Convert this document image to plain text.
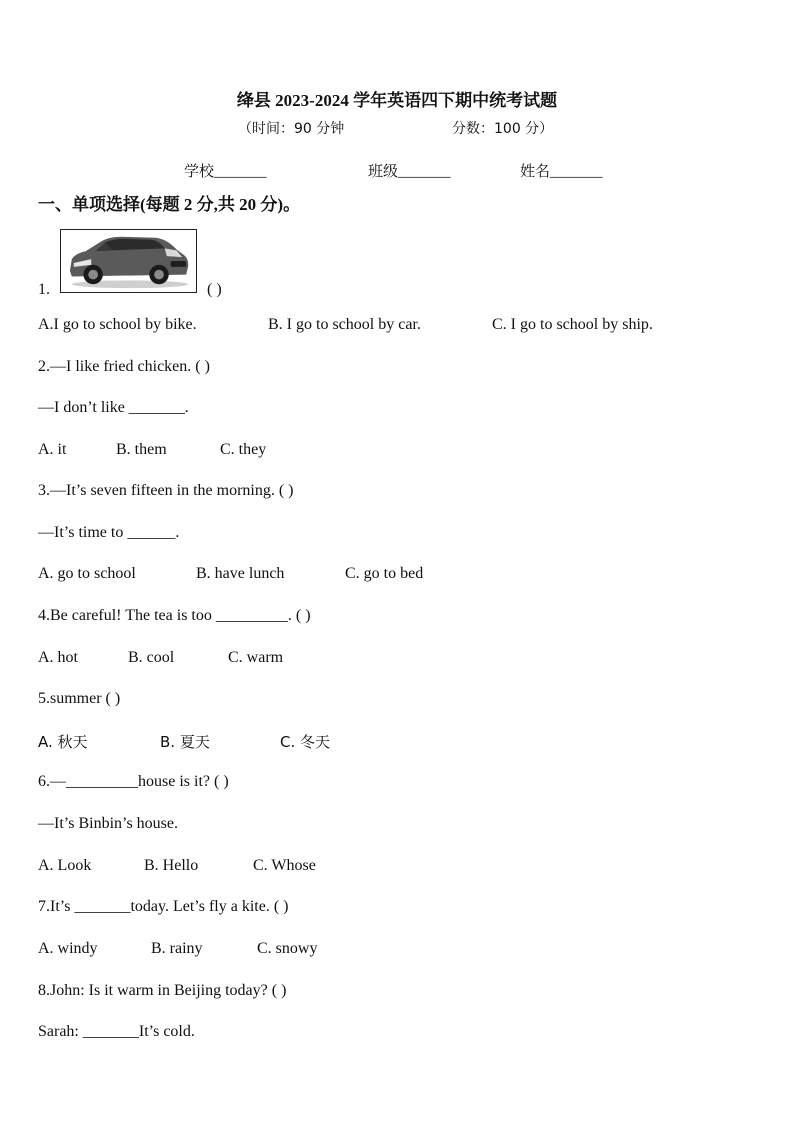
绛县 2023-2024 学年英语四下期中统考试题
（时间：90 分钟	分数：100 分）
学校_______	班级_______	姓名_______
一、单项选择(每题 2 分,共 20 分)。
1.	( )
A.I go to school by bike.	B. I go to school by car.	C. I go to school by ship.
2.—I like fried chicken. ( )
—I don’t like _______.
A. it	B. them	C. they
3.—It’s seven fifteen in the morning. ( )
—It’s time to ______.
A. go to school	B. have lunch	C. go to bed
4.Be careful! The tea is too _________. ( )
A. hot	B. cool	C. warm
5.summer ( )
A. 秋天	B. 夏天	C. 冬天
6.—_________house is it? ( )
—It’s Binbin’s house.
A. Look	B. Hello	C. Whose
7.It’s _______today. Let’s fly a kite. ( )
A. windy	B. rainy	C. snowy
8.John: Is it warm in Beijing today? ( )
Sarah: _______It’s cold.
